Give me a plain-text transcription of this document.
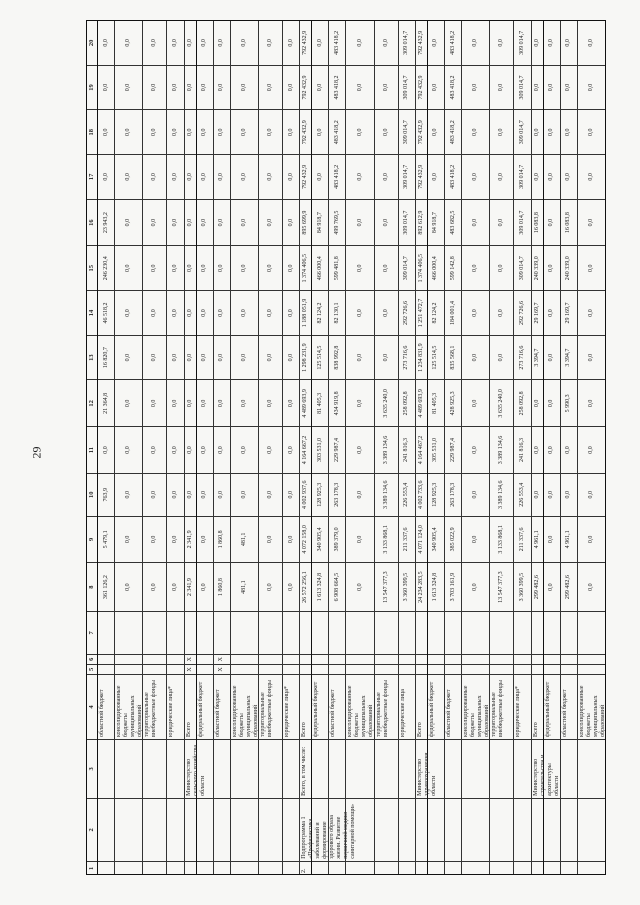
29
1
2
3
4
5
6
7
8
9
10
11
12
13
14
15
16
17
18
19
20
областной бюджет
361 126,2
5 479,1
763,9
0,0
21 364,8
16 820,7
46 518,2
246 230,4
23 943,2
0,0
0,0
0,0
0,0
консолидированные бюджеты муниципальных образований
0,0
0,0
0,0
0,0
0,0
0,0
0,0
0,0
0,0
0,0
0,0
0,0
0,0
территориальные внебюджетные фонды
0,0
0,0
0,0
0,0
0,0
0,0
0,0
0,0
0,0
0,0
0,0
0,0
0,0
юридические лица*
0,0
0,0
0,0
0,0
0,0
0,0
0,0
0,0
0,0
0,0
0,0
0,0
0,0
Министерство сельского хозяйства области
Всего
X
X
2 341,9
2 341,9
0,0
0,0
0,0
0,0
0,0
0,0
0,0
0,0
0,0
0,0
0,0
федеральный бюджет
0,0
0,0
0,0
0,0
0,0
0,0
0,0
0,0
0,0
0,0
0,0
0,0
0,0
областной бюджет
X
X
1 860,8
1 860,8
0,0
0,0
0,0
0,0
0,0
0,0
0,0
0,0
0,0
0,0
0,0
консолидированные бюджеты муниципальных образований
481,1
481,1
0,0
0,0
0,0
0,0
0,0
0,0
0,0
0,0
0,0
0,0
0,0
территориальные внебюджетные фонды
0,0
0,0
0,0
0,0
0,0
0,0
0,0
0,0
0,0
0,0
0,0
0,0
0,0
юридические лица*
0,0
0,0
0,0
0,0
0,0
0,0
0,0
0,0
0,0
0,0
0,0
0,0
0,0
2.
Подпрограмма 1 «Профилактика заболеваний и формирование здорового образа жизни. Развитие первичной медико-санитарной помощи»
Всего, в том числе:
Всего
26 572 256,1
4 072 158,0
4 002 937,6
4 164 667,2
4 489 693,9
1 298 231,9
1 188 051,9
1 374 406,5
895 699,9
792 432,9
792 432,9
792 432,9
792 432,9
федеральный бюджет
1 613 324,8
340 905,4
128 925,3
303 531,0
81 405,3
125 514,5
82 124,2
466 000,4
84 918,7
0,0
0,0
0,0
0,0
областной бюджет
6 908 664,5
389 379,0
263 178,3
229 987,4
434 919,8
838 992,8
82 130,1
599 481,8
499 769,5
483 418,2
483 418,2
483 418,2
483 418,2
консолидированные бюджеты муниципальных образований
0,0
0,0
0,0
0,0
0,0
0,0
0,0
0,0
0,0
0,0
0,0
0,0
0,0
территориальные внебюджетные фонды
13 547 377,3
3 133 868,1
3 389 134,6
3 389 134,6
3 635 240,0
0,0
0,0
0,0
0,0
0,0
0,0
0,0
0,0
юридические лица
3 360 399,5
211 337,6
226 553,4
241 816,3
258 092,8
273 716,6
292 726,6
309 014,7
309 014,7
309 014,7
309 014,7
309 014,7
309 014,7
Министерство здравоохранения области
Всего
24 234 283,5
4 071 124,0
4 002 733,6
4 164 467,2
4 489 693,9
1 234 831,9
1 251 472,7
1 374 406,5
892 612,9
792 432,9
792 432,9
792 432,9
792 432,9
федеральный бюджет
1 613 324,8
340 905,4
128 925,3
305 531,0
81 405,3
125 514,5
82 124,2
466 000,4
84 918,7
0,0
0,0
0,0
0,0
областной бюджет
3 703 161,9
385 022,9
263 178,3
229 987,4
428 925,3
835 568,1
184 001,4
599 142,8
483 682,5
483 418,2
483 418,2
483 418,2
483 418,2
консолидированные бюджеты муниципальных образований
0,0
0,0
0,0
0,0
0,0
0,0
0,0
0,0
0,0
0,0
0,0
0,0
0,0
территориальные внебюджетные фонды
13 547 377,3
3 133 868,1
3 389 134,6
3 389 134,6
3 635 240,0
0,0
0,0
0,0
0,0
0,0
0,0
0,0
0,0
юридические лица*
3 360 399,5
211 337,6
226 553,4
241 816,3
258 092,8
273 716,6
292 726,6
309 014,7
309 014,7
309 014,7
309 014,7
309 014,7
309 014,7
Министерство строительства и архитектуры области
Всего
299 482,6
4 961,1
0,0
0,0
0,0
3 394,7
29 169,7
240 339,0
16 083,8
0,0
0,0
0,0
0,0
федеральный бюджет
0,0
0,0
0,0
0,0
0,0
0,0
0,0
0,0
0,0
0,0
0,0
0,0
0,0
областной бюджет
299 482,6
4 961,1
0,0
0,0
5 990,3
3 394,7
29 169,7
240 339,0
16 083,8
0,0
0,0
0,0
0,0
консолидированные бюджеты муниципальных образований
0,0
0,0
0,0
0,0
0,0
0,0
0,0
0,0
0,0
0,0
0,0
0,0
0,0
